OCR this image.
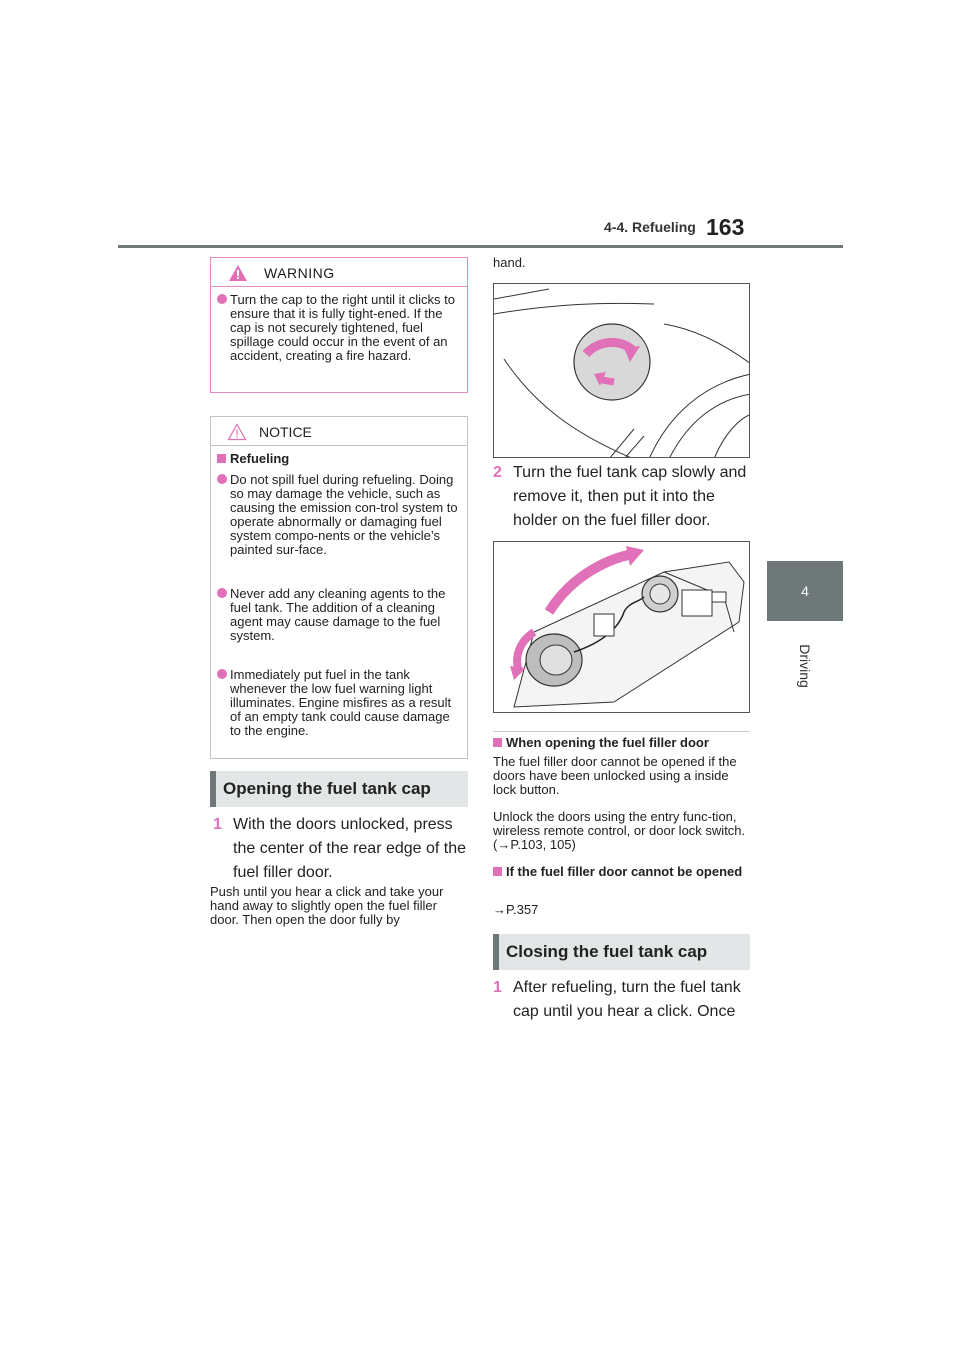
4-4. Refueling 163
4
Driving
WARNING
Turn the cap to the right until it clicks to ensure that it is fully tight-ened. If the cap is not securely tightened, fuel spillage could occur in the event of an accident, creating a fire hazard.
NOTICE
Refueling
Do not spill fuel during refueling. Doing so may damage the vehicle, such as causing the emission con-trol system to operate abnormally or damaging fuel system compo-nents or the vehicle’s painted sur-face.
Never add any cleaning agents to the fuel tank. The addition of a cleaning agent may cause damage to the fuel system.
Immediately put fuel in the tank whenever the low fuel warning light illuminates. Engine misfires as a result of an empty tank could cause damage to the engine.
Opening the fuel tank cap
1 With the doors unlocked, press the center of the rear edge of the fuel filler door.
Push until you hear a click and take your hand away to slightly open the fuel filler door. Then open the door fully by
hand.
2 Turn the fuel tank cap slowly and remove it, then put it into the holder on the fuel filler door.
When opening the fuel filler door
The fuel filler door cannot be opened if the doors have been unlocked using a inside lock button.
Unlock the doors using the entry func-tion, wireless remote control, or door lock switch. (→P.103, 105)
If the fuel filler door cannot be opened
→P.357
Closing the fuel tank cap
1 After refueling, turn the fuel tank cap until you hear a click. Once
